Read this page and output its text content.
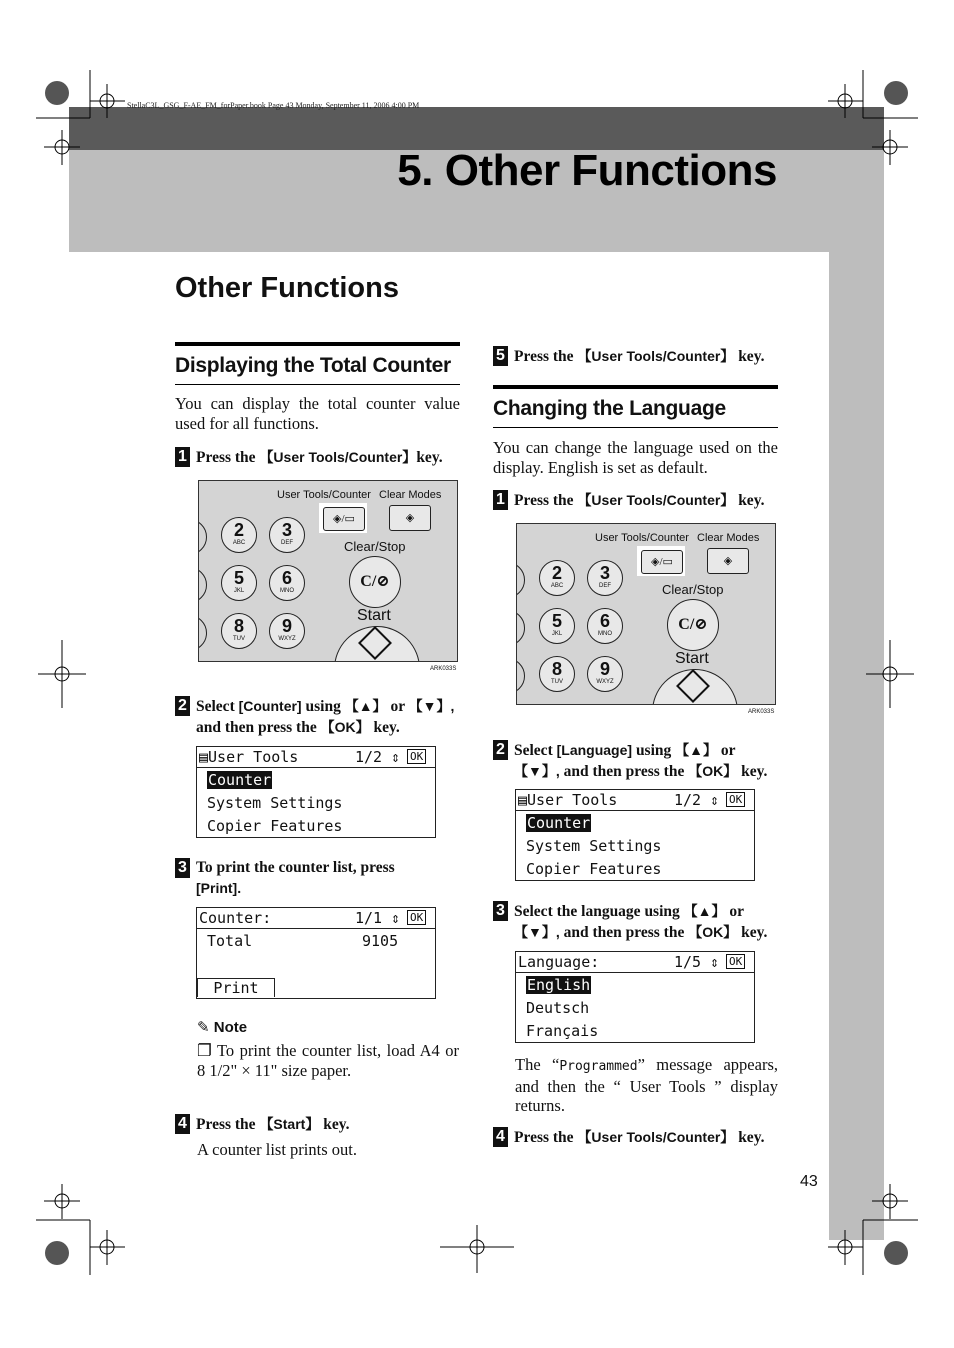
StellaC3L_GSG_F-AE_FM_forPaper.book Page 43 Monday, September 11, 2006 4:00 PM
5. Other Functions
Other Functions
43
Displaying the Total Counter
You can display the total counter value used for all functions.
1 Press the 【User Tools/Counter】key.
User Tools/Counter Clear Modes
◈/▭	◈
Clear/Stop
C/⊘
Start
2
ABC
3
DEF
5
JKL
6
MNO
8
TUV
9
WXYZ
ARK033S
2 Select [Counter] using 【▲】 or 【▼】,
and then press the 【OK】 key.
▤User Tools	1/2 ⇕ OK
Counter
System Settings
Copier Features
3 To print the counter list, press
[Print].
Counter:	1/1 ⇕ OK
Total	9105
Print
✎ Note
❐ To print the counter list, load A4 or 8 1/2" × 11" size paper.
4 Press the 【Start】 key.
A counter list prints out.
5 Press the 【User Tools/Counter】 key.
Changing the Language
You can change the language used on the display. English is set as default.
1 Press the 【User Tools/Counter】 key.
User Tools/Counter Clear Modes
◈/▭	◈
Clear/Stop
C/⊘
Start
2
ABC
3
DEF
5
JKL
6
MNO
8
TUV
9
WXYZ
ARK033S
2 Select [Language] using 【▲】 or
【▼】, and then press the 【OK】 key.
▤User Tools	1/2 ⇕ OK
Counter
System Settings
Copier Features
3 Select the language using 【▲】 or
【▼】, and then press the 【OK】 key.
Language:	1/5 ⇕ OK
English
Deutsch
Français
The “Programmed” message appears, and then the “ User Tools ” display returns.
4 Press the 【User Tools/Counter】 key.
